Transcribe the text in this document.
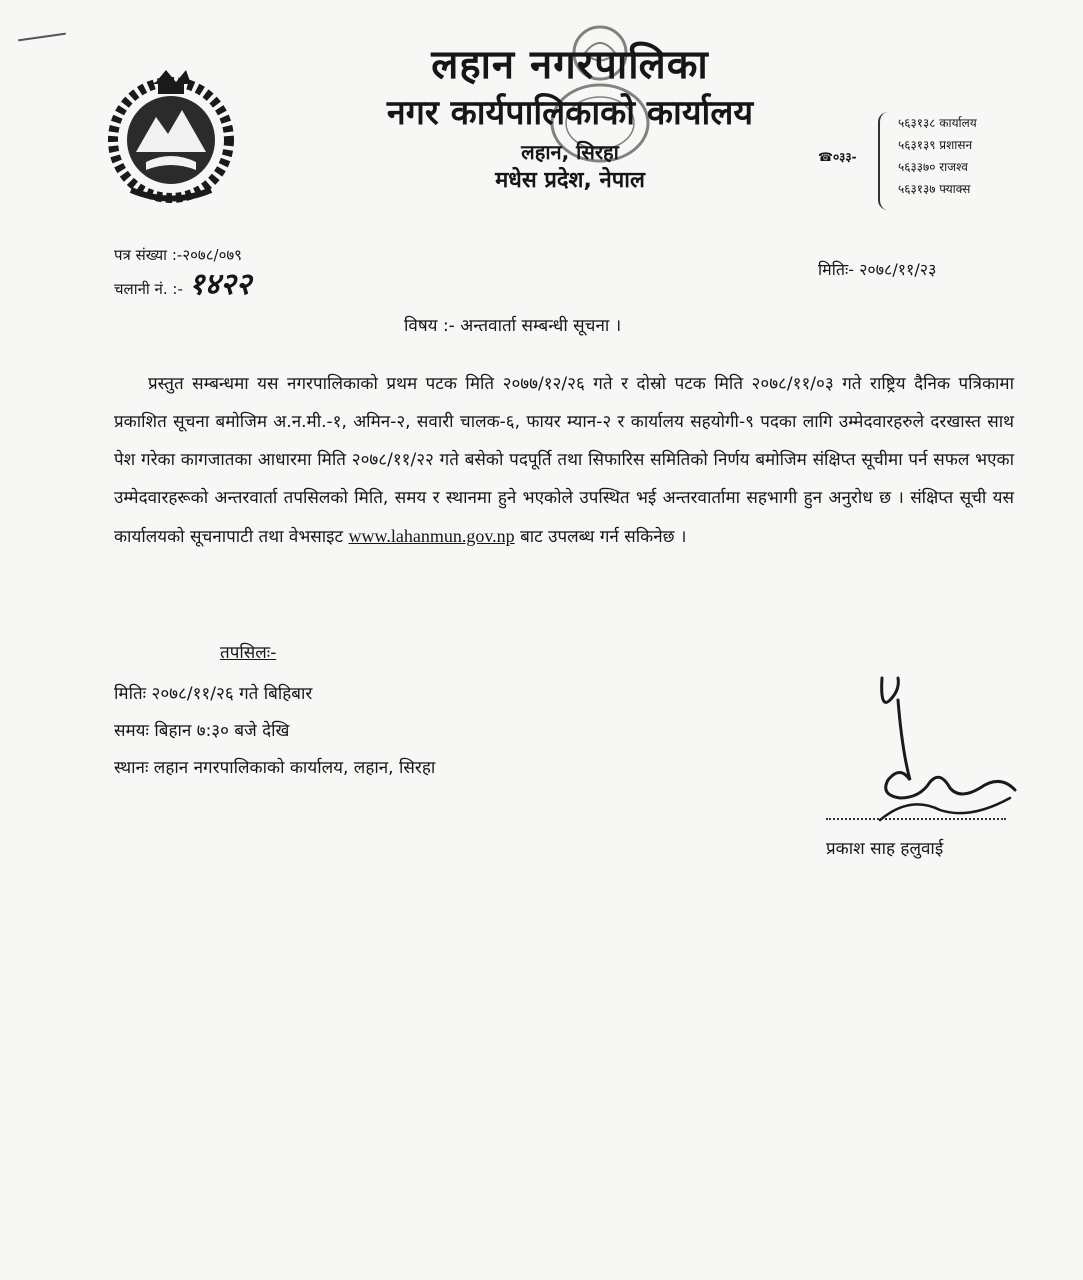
लहान नगरपालिका
नगर कार्यपालिकाको कार्यालय
लहान, सिरहा
मधेस प्रदेश, नेपाल
☎०३३-
५६३१३८ कार्यालय
५६३१३९ प्रशासन
५६३३७० राजश्व
५६३१३७ फ्याक्स
पत्र संख्या :-२०७८/०७९
चलानी नं. :- १४२२	मितिः- २०७८/११/२३
विषय :- अन्तवार्ता सम्बन्धी सूचना ।
प्रस्तुत सम्बन्धमा यस नगरपालिकाको प्रथम पटक मिति २०७७/१२/२६ गते र दोस्रो पटक मिति २०७८/११/०३ गते राष्ट्रिय दैनिक पत्रिकामा प्रकाशित सूचना बमोजिम अ.न.मी.-१, अमिन-२, सवारी चालक-६, फायर म्यान-२ र कार्यालय सहयोगी-९ पदका लागि उम्मेदवारहरुले दरखास्त साथ पेश गरेका कागजातका आधारमा मिति २०७८/११/२२ गते बसेको पदपूर्ति तथा सिफारिस समितिको निर्णय बमोजिम संक्षिप्त सूचीमा पर्न सफल भएका उम्मेदवारहरूको अन्तरवार्ता तपसिलको मिति, समय र स्थानमा हुने भएकोले उपस्थित भई अन्तरवार्तामा सहभागी हुन अनुरोध छ । संक्षिप्त सूची यस कार्यालयको सूचनापाटी तथा वेभसाइट www.lahanmun.gov.np बाट उपलब्ध गर्न सकिनेछ ।
तपसिलः-
मितिः २०७८/११/२६ गते बिहिबार
समयः बिहान ७:३० बजे देखि
स्थानः लहान नगरपालिकाको कार्यालय, लहान, सिरहा
प्रकाश साह हलुवाई
